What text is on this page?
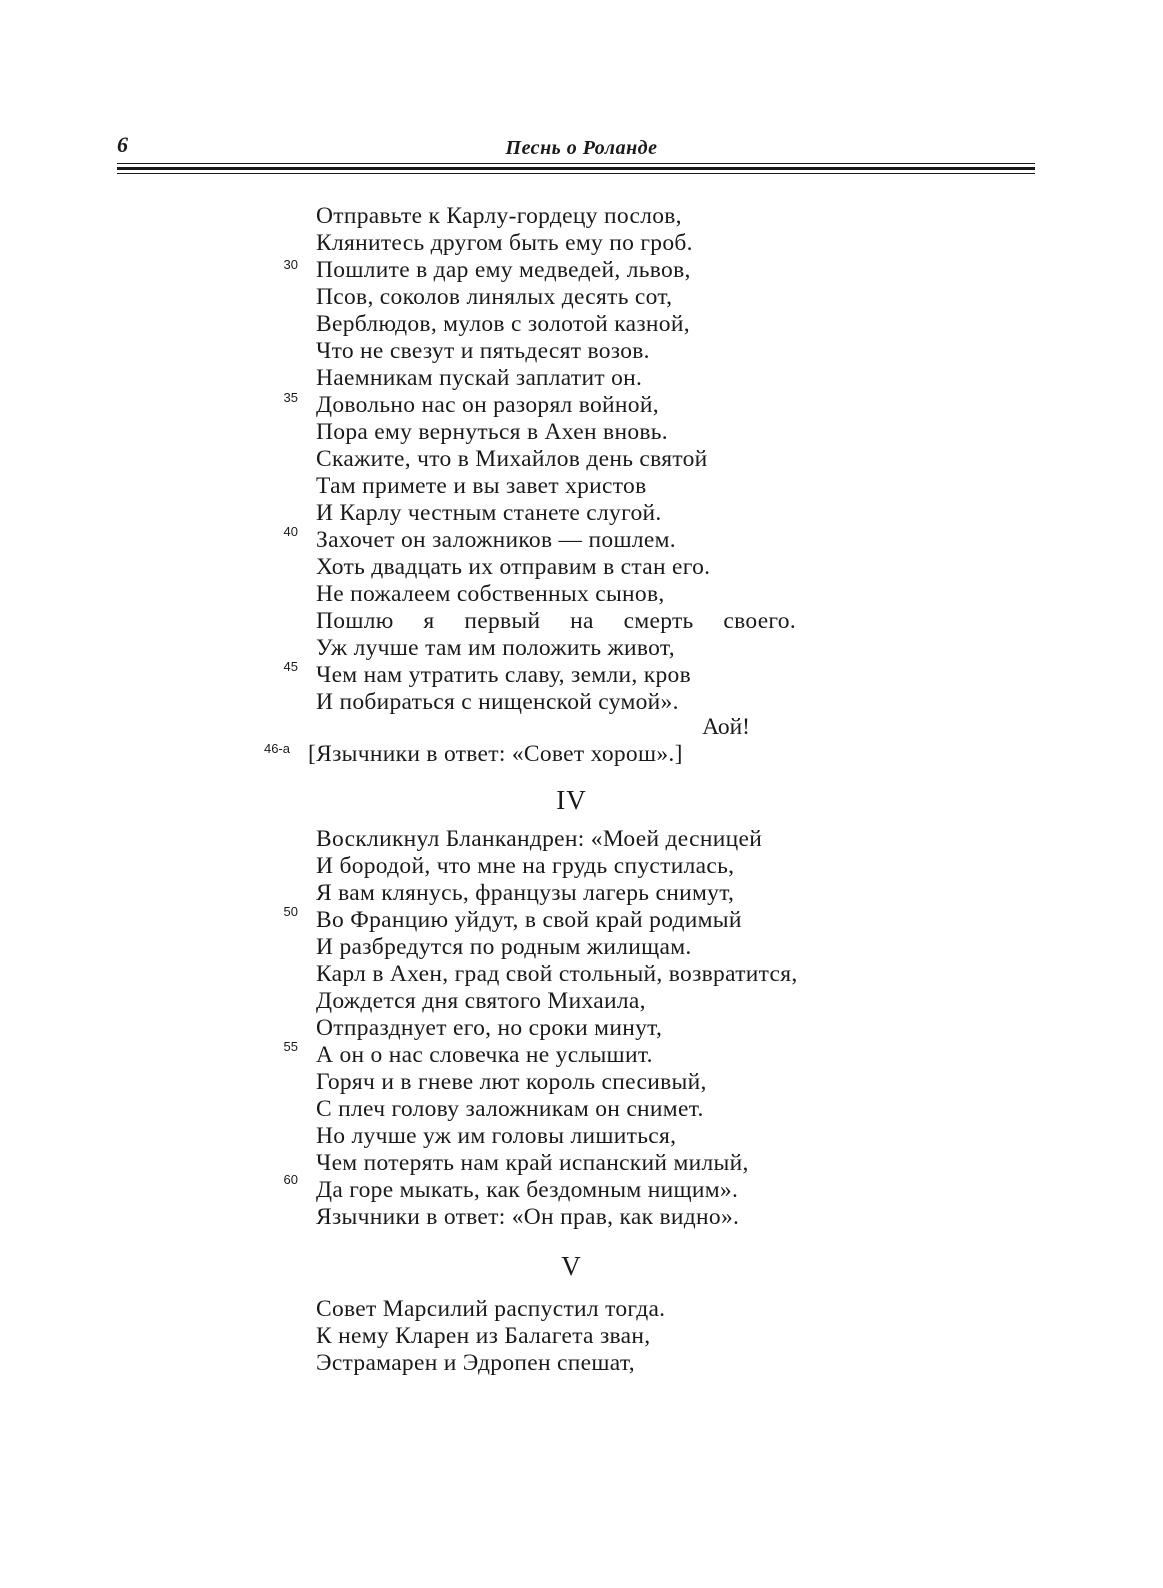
6	Песнь о Роланде
Отправьте к Карлу-гордецу послов,
Клянитесь другом быть ему по гроб.
30 Пошлите в дар ему медведей, львов,
Псов, соколов линялых десять сот,
Верблюдов, мулов с золотой казной,
Что не свезут и пятьдесят возов.
Наемникам пускай заплатит он.
35 Довольно нас он разорял войной,
Пора ему вернуться в Ахен вновь.
Скажите, что в Михайлов день святой
Там примете и вы завет христов
И Карлу честным станете слугой.
40 Захочет он заложников — пошлем.
Хоть двадцать их отправим в стан его.
Не пожалеем собственных сынов,
Пошлю я первый на смерть своего.
Уж лучше там им положить живот,
45 Чем нам утратить славу, земли, кров
И побираться с нищенской сумой».
Аой!
46-а [Язычники в ответ: «Совет хорош».]
IV
Воскликнул Бланкандрен: «Моей десницей
И бородой, что мне на грудь спустилась,
Я вам клянусь, французы лагерь снимут,
50 Во Францию уйдут, в свой край родимый
И разбредутся по родным жилищам.
Карл в Ахен, град свой стольный, возвратится,
Дождется дня святого Михаила,
Отпразднует его, но сроки минут,
55 А он о нас словечка не услышит.
Горяч и в гневе лют король спесивый,
С плеч голову заложникам он снимет.
Но лучше уж им головы лишиться,
Чем потерять нам край испанский милый,
60 Да горе мыкать, как бездомным нищим».
Язычники в ответ: «Он прав, как видно».
V
Совет Марсилий распустил тогда.
К нему Кларен из Балагета зван,
Эстрамарен и Эдропен спешат,
